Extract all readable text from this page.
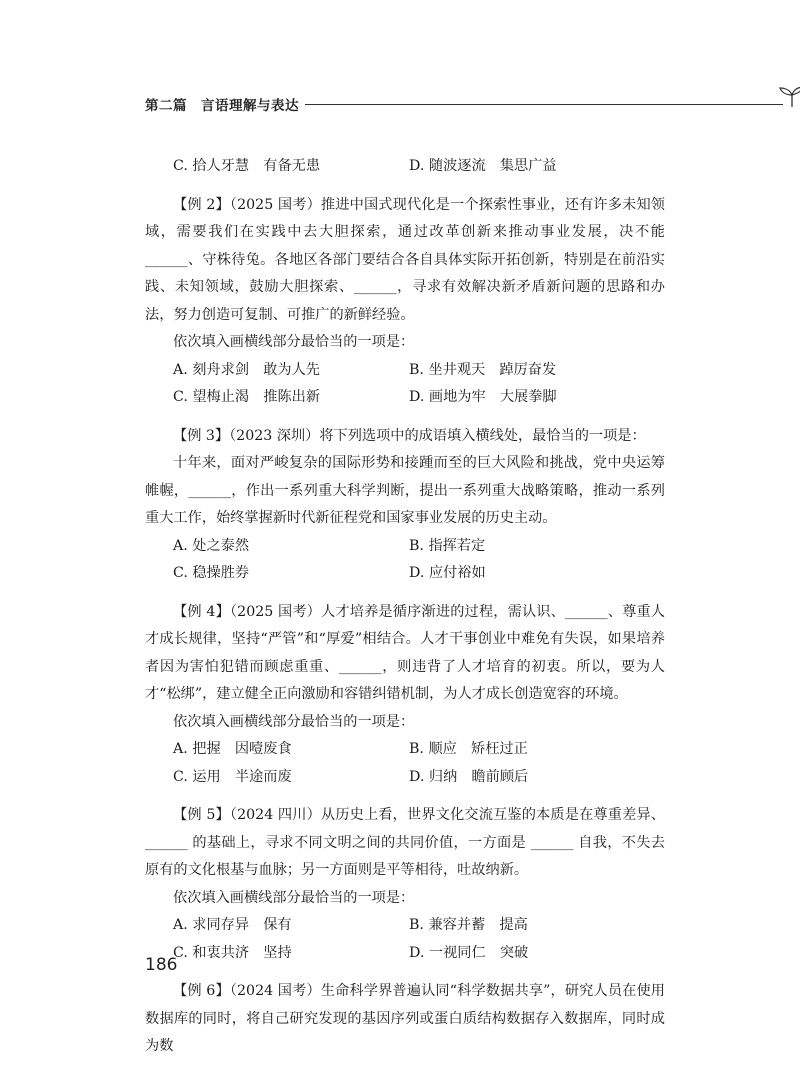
第二篇　言语理解与表达
C. 拾人牙慧　有备无患	D. 随波逐流　集思广益

【例 2】（2025 国考）推进中国式现代化是一个探索性事业，还有许多未知领域，需要我们在实践中去大胆探索，通过改革创新来推动事业发展，决不能 ______、守株待兔。各地区各部门要结合各自具体实际开拓创新，特别是在前沿实践、未知领域，鼓励大胆探索、______，寻求有效解决新矛盾新问题的思路和办法，努力创造可复制、可推广的新鲜经验。

依次填入画横线部分最恰当的一项是：

A. 刻舟求剑　敢为人先	B. 坐井观天　踔厉奋发
C. 望梅止渴　推陈出新	D. 画地为牢　大展拳脚

【例 3】（2023 深圳）将下列选项中的成语填入横线处，最恰当的一项是：

十年来，面对严峻复杂的国际形势和接踵而至的巨大风险和挑战，党中央运筹帷幄，______，作出一系列重大科学判断，提出一系列重大战略策略，推动一系列重大工作，始终掌握新时代新征程党和国家事业发展的历史主动。

A. 处之泰然	B. 指挥若定
C. 稳操胜券	D. 应付裕如

【例 4】（2025 国考）人才培养是循序渐进的过程，需认识、______、尊重人才成长规律，坚持“严管”和“厚爱”相结合。人才干事创业中难免有失误，如果培养者因为害怕犯错而顾虑重重、______，则违背了人才培育的初衷。所以，要为人才“松绑”，建立健全正向激励和容错纠错机制，为人才成长创造宽容的环境。

依次填入画横线部分最恰当的一项是：

A. 把握　因噎废食	B. 顺应　矫枉过正
C. 运用　半途而废	D. 归纳　瞻前顾后

【例 5】（2024 四川）从历史上看，世界文化交流互鉴的本质是在尊重差异、______ 的基础上，寻求不同文明之间的共同价值，一方面是 ______ 自我，不失去原有的文化根基与血脉；另一方面则是平等相待，吐故纳新。

依次填入画横线部分最恰当的一项是：

A. 求同存异　保有	B. 兼容并蓄　提高
C. 和衷共济　坚持	D. 一视同仁　突破

【例 6】（2024 国考）生命科学界普遍认同“科学数据共享”，研究人员在使用数据库的同时，将自己研究发现的基因序列或蛋白质结构数据存入数据库，同时成为数

186
